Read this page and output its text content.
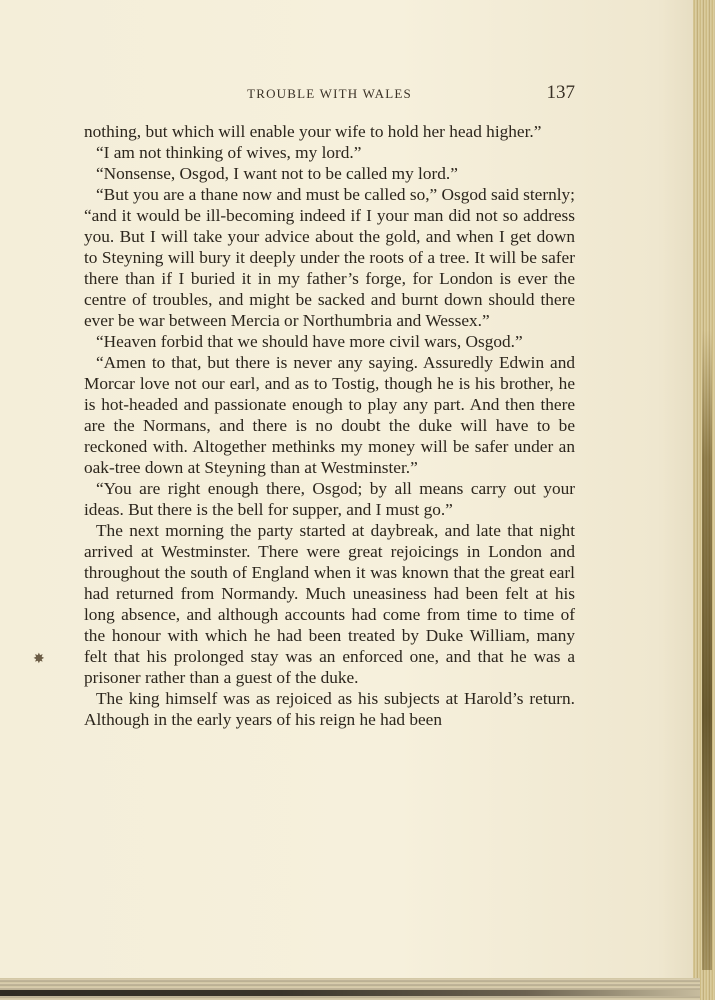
TROUBLE WITH WALES	137
✸

nothing, but which will enable your wife to hold her head higher.”

“I am not thinking of wives, my lord.”

“Nonsense, Osgod, I want not to be called my lord.”

“But you are a thane now and must be called so,” Osgod said sternly; “and it would be ill-becoming indeed if I your man did not so address you. But I will take your advice about the gold, and when I get down to Steyning will bury it deeply under the roots of a tree. It will be safer there than if I buried it in my father’s forge, for London is ever the centre of troubles, and might be sacked and burnt down should there ever be war between Mercia or Northumbria and Wessex.”

“Heaven forbid that we should have more civil wars, Osgod.”

“Amen to that, but there is never any saying. Assuredly Edwin and Morcar love not our earl, and as to Tostig, though he is his brother, he is hot-headed and passionate enough to play any part. And then there are the Normans, and there is no doubt the duke will have to be reckoned with. Altogether methinks my money will be safer under an oak-tree down at Steyning than at Westminster.”

“You are right enough there, Osgod; by all means carry out your ideas. But there is the bell for supper, and I must go.”

The next morning the party started at daybreak, and late that night arrived at Westminster. There were great rejoicings in London and throughout the south of England when it was known that the great earl had returned from Normandy. Much uneasiness had been felt at his long absence, and although accounts had come from time to time of the honour with which he had been treated by Duke William, many felt that his prolonged stay was an enforced one, and that he was a prisoner rather than a guest of the duke.

The king himself was as rejoiced as his subjects at Harold’s return. Although in the early years of his reign he had been
